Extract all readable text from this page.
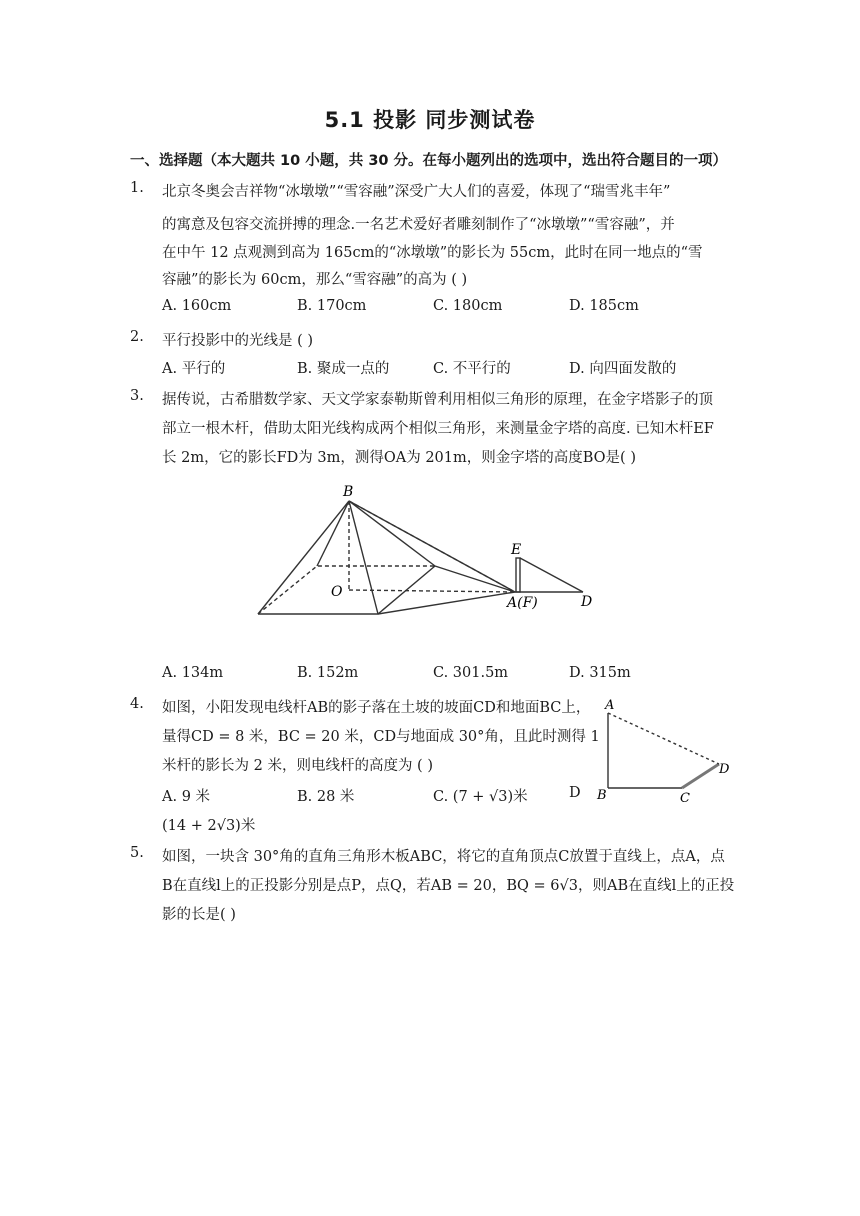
5.1 投影 同步测试卷
一、选择题（本大题共 10 小题，共 30 分。在每小题列出的选项中，选出符合题目的一项）
1. 北京冬奥会吉祥物“冰墩墩”“雪容融”深受广大人们的喜爱，体现了“瑞雪兆丰年”
的寓意及包容交流拼搏的理念.一名艺术爱好者雕刻制作了“冰墩墩”“雪容融”，并
在中午 12 点观测到高为 165cm的“冰墩墩”的影长为 55cm，此时在同一地点的“雪
容融”的影长为 60cm，那么“雪容融”的高为 ( )
A. 160cm	B. 170cm	C. 180cm	D. 185cm
2. 平行投影中的光线是 ( )
A. 平行的	B. 聚成一点的	C. 不平行的	D. 向四面发散的
3. 据传说，古希腊数学家、天文学家泰勒斯曾利用相似三角形的原理，在金字塔影子的顶
部立一根木杆，借助太阳光线构成两个相似三角形，来测量金字塔的高度. 已知木杆EF
长 2m，它的影长FD为 3m，测得OA为 201m，则金字塔的高度BO是( )
B
E
O
A(F)	D
A. 134m	B. 152m	C. 301.5m	D. 315m
4. 如图，小阳发现电线杆AB的影子落在土坡的坡面CD和地面BC上，
量得CD = 8 米，BC = 20 米，CD与地面成 30°角，且此时测得 1
米杆的影长为 2 米，则电线杆的高度为 ( )
A. 9 米	B. 28 米	C. (7 + √3)米	D
(14 + 2√3)米
A
B	C
D
5. 如图，一块含 30°角的直角三角形木板ABC，将它的直角顶点C放置于直线上，点A，点
B在直线l上的正投影分别是点P，点Q，若AB = 20，BQ = 6√3，则AB在直线l上的正投
影的长是( )
